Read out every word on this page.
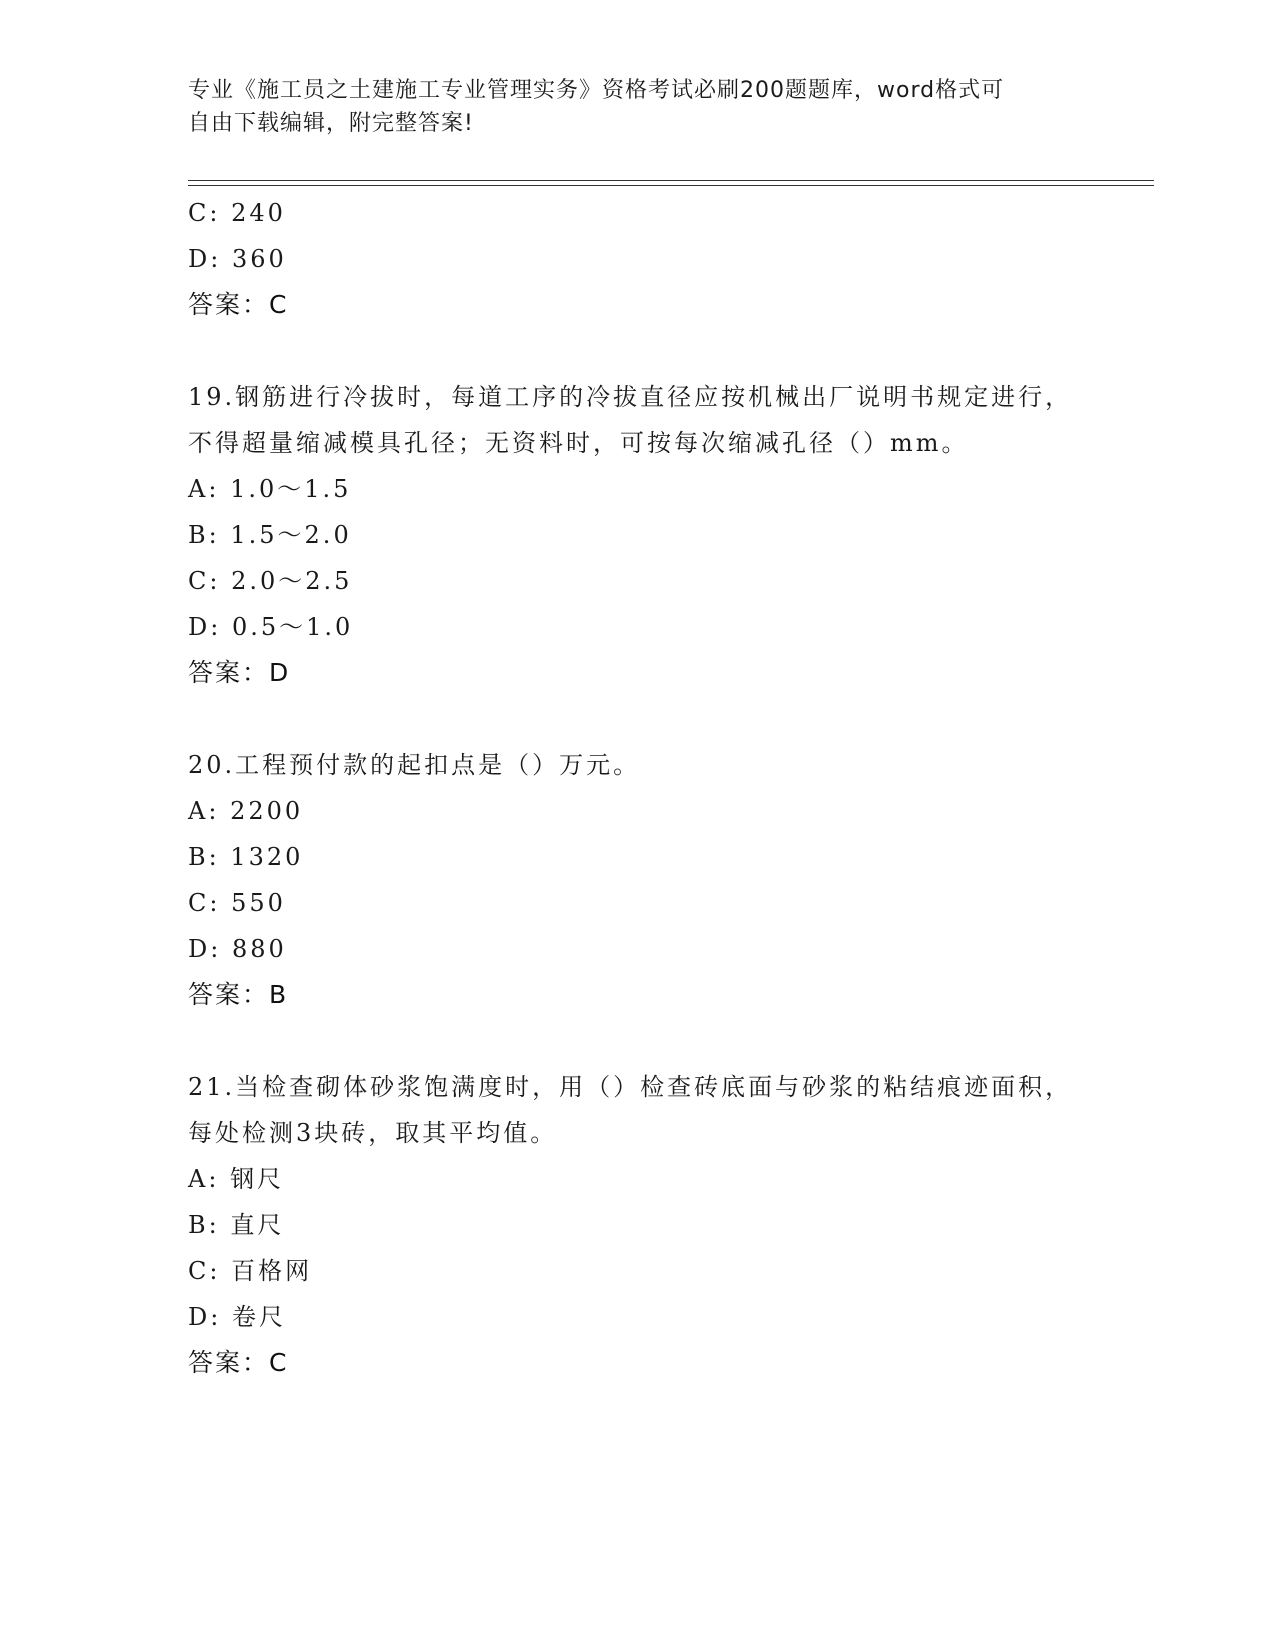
专业《施工员之土建施工专业管理实务》资格考试必刷200题题库，word格式可
自由下载编辑，附完整答案!
C: 240
D: 360
答案：C
19.钢筋进行冷拔时，每道工序的冷拔直径应按机械出厂说明书规定进行，不得超量缩减模具孔径；无资料时，可按每次缩减孔径（）mm。
A: 1.0～1.5
B: 1.5～2.0
C: 2.0～2.5
D: 0.5～1.0
答案：D
20.工程预付款的起扣点是（）万元。
A: 2200
B: 1320
C: 550
D: 880
答案：B
21.当检查砌体砂浆饱满度时，用（）检查砖底面与砂浆的粘结痕迹面积，每处检测3块砖，取其平均值。
A: 钢尺
B: 直尺
C: 百格网
D: 卷尺
答案：C
